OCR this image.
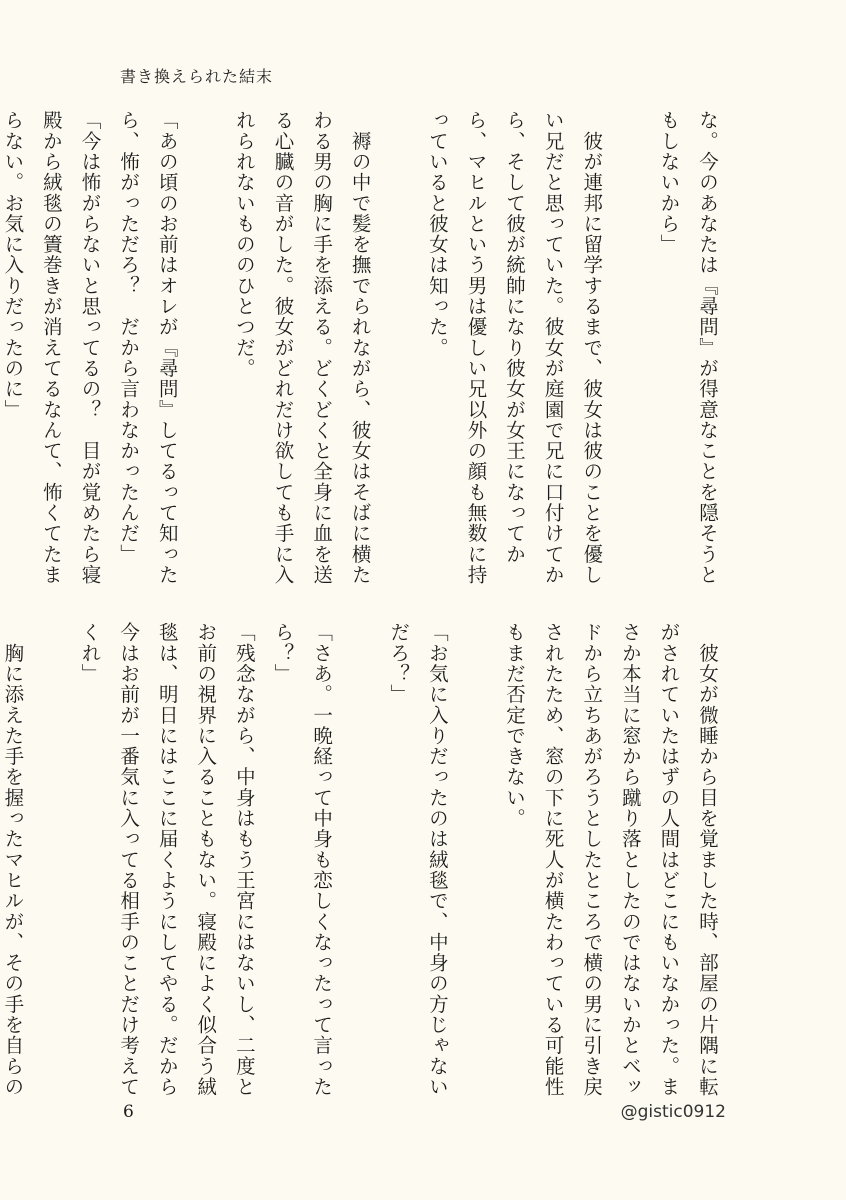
書き換えられた結末
な。今のあなたは『尋問』が得意なことを隠そうともしないから」
　彼が連邦に留学するまで、彼女は彼のことを優しい兄だと思っていた。彼女が庭園で兄に口付けてから、そして彼が統帥になり彼女が女王になってから、マヒルという男は優しい兄以外の顔も無数に持っていると彼女は知った。
　褥の中で髪を撫でられながら、彼女はそばに横たわる男の胸に手を添える。どくどくと全身に血を送る心臓の音がした。彼女がどれだけ欲しても手に入れられないもののひとつだ。
「あの頃のお前はオレが『尋問』してるって知ったら、怖がっただろ？　だから言わなかったんだ」
「今は怖がらないと思ってるの？　目が覚めたら寝殿から絨毯の簀巻きが消えてるなんて、怖くてたまらない。お気に入りだったのに」
　彼女が微睡から目を覚ました時、部屋の片隅に転がされていたはずの人間はどこにもいなかった。まさか本当に窓から蹴り落としたのではないかとベッドから立ちあがろうとしたところで横の男に引き戻されたため、窓の下に死人が横たわっている可能性もまだ否定できない。
「お気に入りだったのは絨毯で、中身の方じゃないだろ？」
「さあ。一晩経って中身も恋しくなったって言ったら？」
「残念ながら、中身はもう王宮にはないし、二度とお前の視界に入ることもない。寝殿によく似合う絨毯は、明日にはここに届くようにしてやる。だから今はお前が一番気に入ってる相手のことだけ考えてくれ」
　胸に添えた手を握ったマヒルが、その手を自らの
6	@gistic0912
